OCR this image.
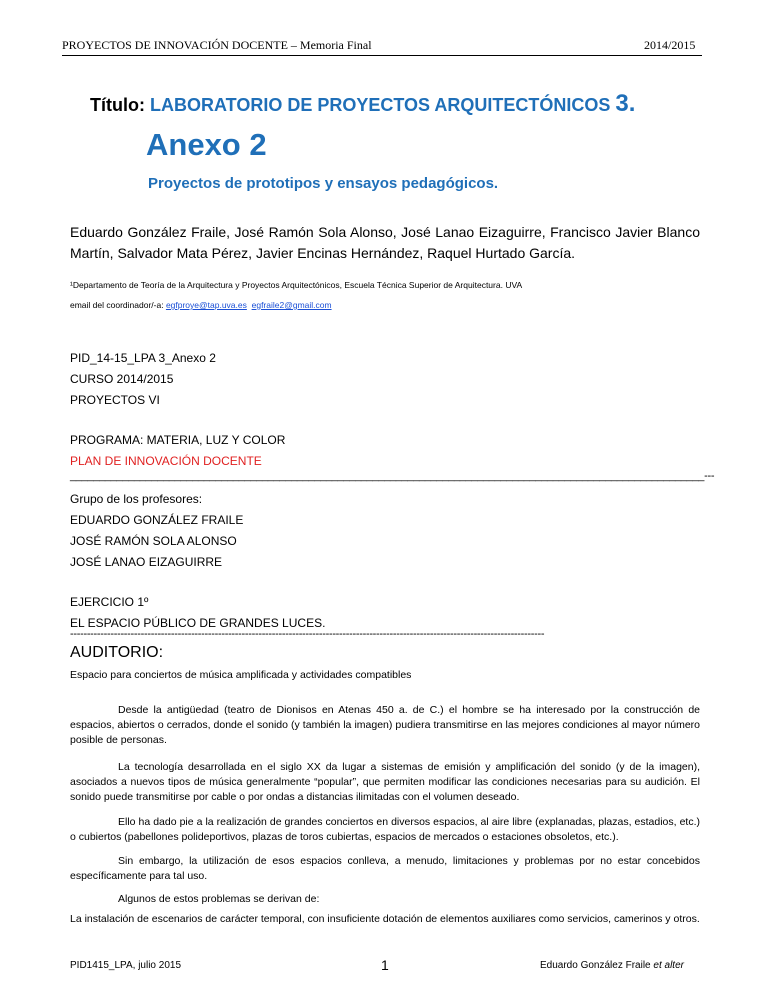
PROYECTOS DE INNOVACIÓN DOCENTE – Memoria Final	2014/2015
Título: LABORATORIO DE PROYECTOS ARQUITECTÓNICOS 3.
Anexo 2
Proyectos de prototipos y ensayos pedagógicos.
Eduardo González Fraile, José Ramón Sola Alonso, José Lanao Eizaguirre, Francisco Javier Blanco Martín, Salvador Mata Pérez, Javier Encinas Hernández, Raquel Hurtado García.
¹Departamento de Teoría de la Arquitectura y Proyectos Arquitectónicos, Escuela Técnica Superior de Arquitectura. UVA
email del coordinador/-a: egfproye@tap.uva.es egfraile2@gmail.com
PID_14-15_LPA 3_Anexo 2
CURSO 2014/2015
PROYECTOS VI
PROGRAMA: MATERIA, LUZ Y COLOR
PLAN DE INNOVACIÓN DOCENTE
_____________________________________________________________________________________________________________---
Grupo de los profesores:
EDUARDO GONZÁLEZ FRAILE
JOSÉ RAMÓN SOLA ALONSO
JOSÉ LANAO EIZAGUIRRE
EJERCICIO 1º
EL ESPACIO PÚBLICO DE GRANDES LUCES.
---------------------------------------------------------------------------------------------------------------------------------------------
AUDITORIO:
Espacio para conciertos de música amplificada y actividades compatibles
Desde la antigüedad (teatro de Dionisos en Atenas 450 a. de C.) el hombre se ha interesado por la construcción de espacios, abiertos o cerrados, donde el sonido (y también la imagen) pudiera transmitirse en las mejores condiciones al mayor número posible de personas.
La tecnología desarrollada en el siglo XX da lugar a sistemas de emisión y amplificación del sonido (y de la imagen), asociados a nuevos tipos de música generalmente “popular”, que permiten modificar las condiciones necesarias para su audición. El sonido puede transmitirse por cable o por ondas a distancias ilimitadas con el volumen deseado.
Ello ha dado pie a la realización de grandes conciertos en diversos espacios, al aire libre (explanadas, plazas, estadios, etc.) o cubiertos (pabellones polideportivos, plazas de toros cubiertas, espacios de mercados o estaciones obsoletos, etc.).
Sin embargo, la utilización de esos espacios conlleva, a menudo, limitaciones y problemas por no estar concebidos específicamente para tal uso.
Algunos de estos problemas se derivan de:
La instalación de escenarios de carácter temporal, con insuficiente dotación de elementos auxiliares como servicios, camerinos y otros.
PID1415_LPA, julio 2015	1	Eduardo González Fraile et alter
